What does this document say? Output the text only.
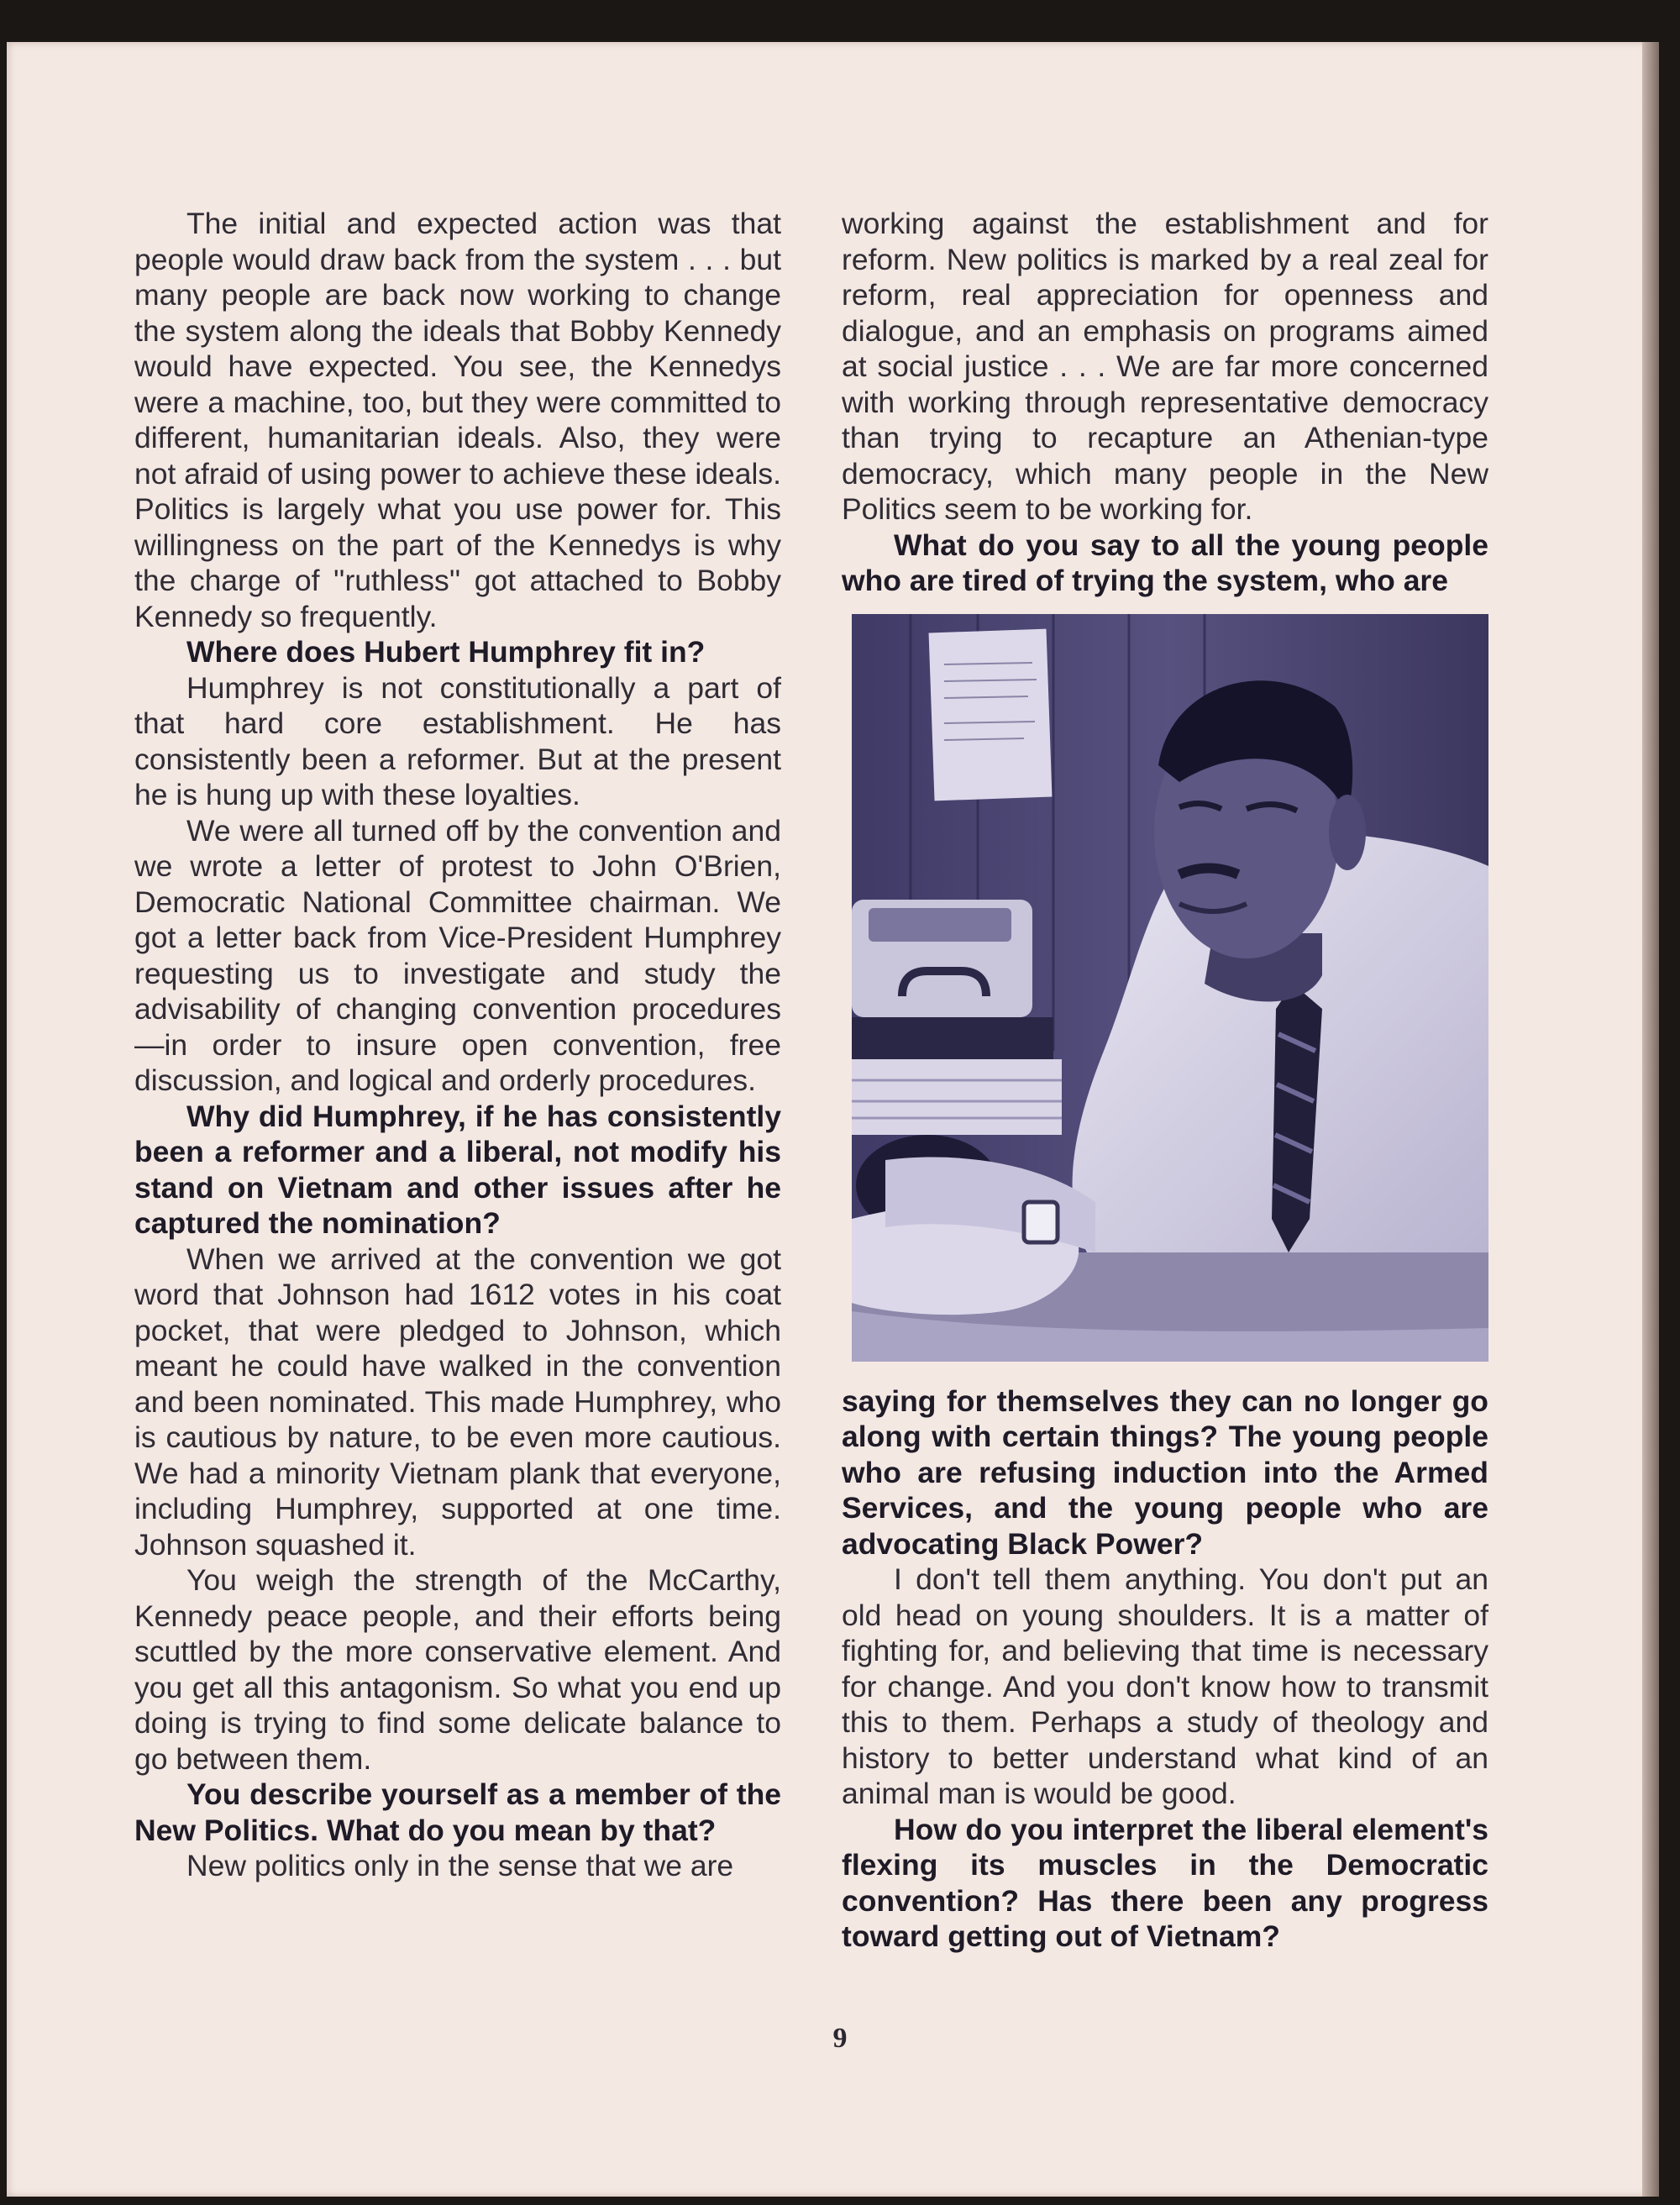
The initial and expected action was that people would draw back from the system . . . but many people are back now working to change the system along the ideals that Bobby Kennedy would have expected. You see, the Kennedys were a machine, too, but they were committed to different, humanitarian ideals. Also, they were not afraid of using power to achieve these ideals. Politics is largely what you use power for. This willingness on the part of the Kennedys is why the charge of ''ruthless'' got attached to Bobby Kennedy so frequently.

Where does Hubert Humphrey fit in?

Humphrey is not constitutionally a part of that hard core establishment. He has consistently been a reformer. But at the present he is hung up with these loyalties.

We were all turned off by the convention and we wrote a letter of protest to John O'Brien, Democratic National Committee chairman. We got a letter back from Vice-President Humphrey requesting us to investigate and study the advisability of changing convention procedures—in order to insure open convention, free discussion, and logical and orderly procedures.

Why did Humphrey, if he has consistently been a reformer and a liberal, not modify his stand on Vietnam and other issues after he captured the nomination?

When we arrived at the convention we got word that Johnson had 1612 votes in his coat pocket, that were pledged to Johnson, which meant he could have walked in the convention and been nominated. This made Humphrey, who is cautious by nature, to be even more cautious. We had a minority Vietnam plank that everyone, including Humphrey, supported at one time. Johnson squashed it.

You weigh the strength of the McCarthy, Kennedy peace people, and their efforts being scuttled by the more conservative element. And you get all this antagonism. So what you end up doing is trying to find some delicate balance to go between them.

You describe yourself as a member of the New Politics. What do you mean by that?

New politics only in the sense that we are

working against the establishment and for reform. New politics is marked by a real zeal for reform, real appreciation for openness and dialogue, and an emphasis on programs aimed at social justice . . . We are far more concerned with working through representative democracy than trying to recapture an Athenian-type democracy, which many people in the New Politics seem to be working for.

What do you say to all the young people who are tired of trying the system, who are

saying for themselves they can no longer go along with certain things? The young people who are refusing induction into the Armed Services, and the young people who are advocating Black Power?

I don't tell them anything. You don't put an old head on young shoulders. It is a matter of fighting for, and believing that time is necessary for change. And you don't know how to transmit this to them. Perhaps a study of theology and history to better understand what kind of an animal man is would be good.

How do you interpret the liberal element's flexing its muscles in the Democratic convention? Has there been any progress toward getting out of Vietnam?

9
